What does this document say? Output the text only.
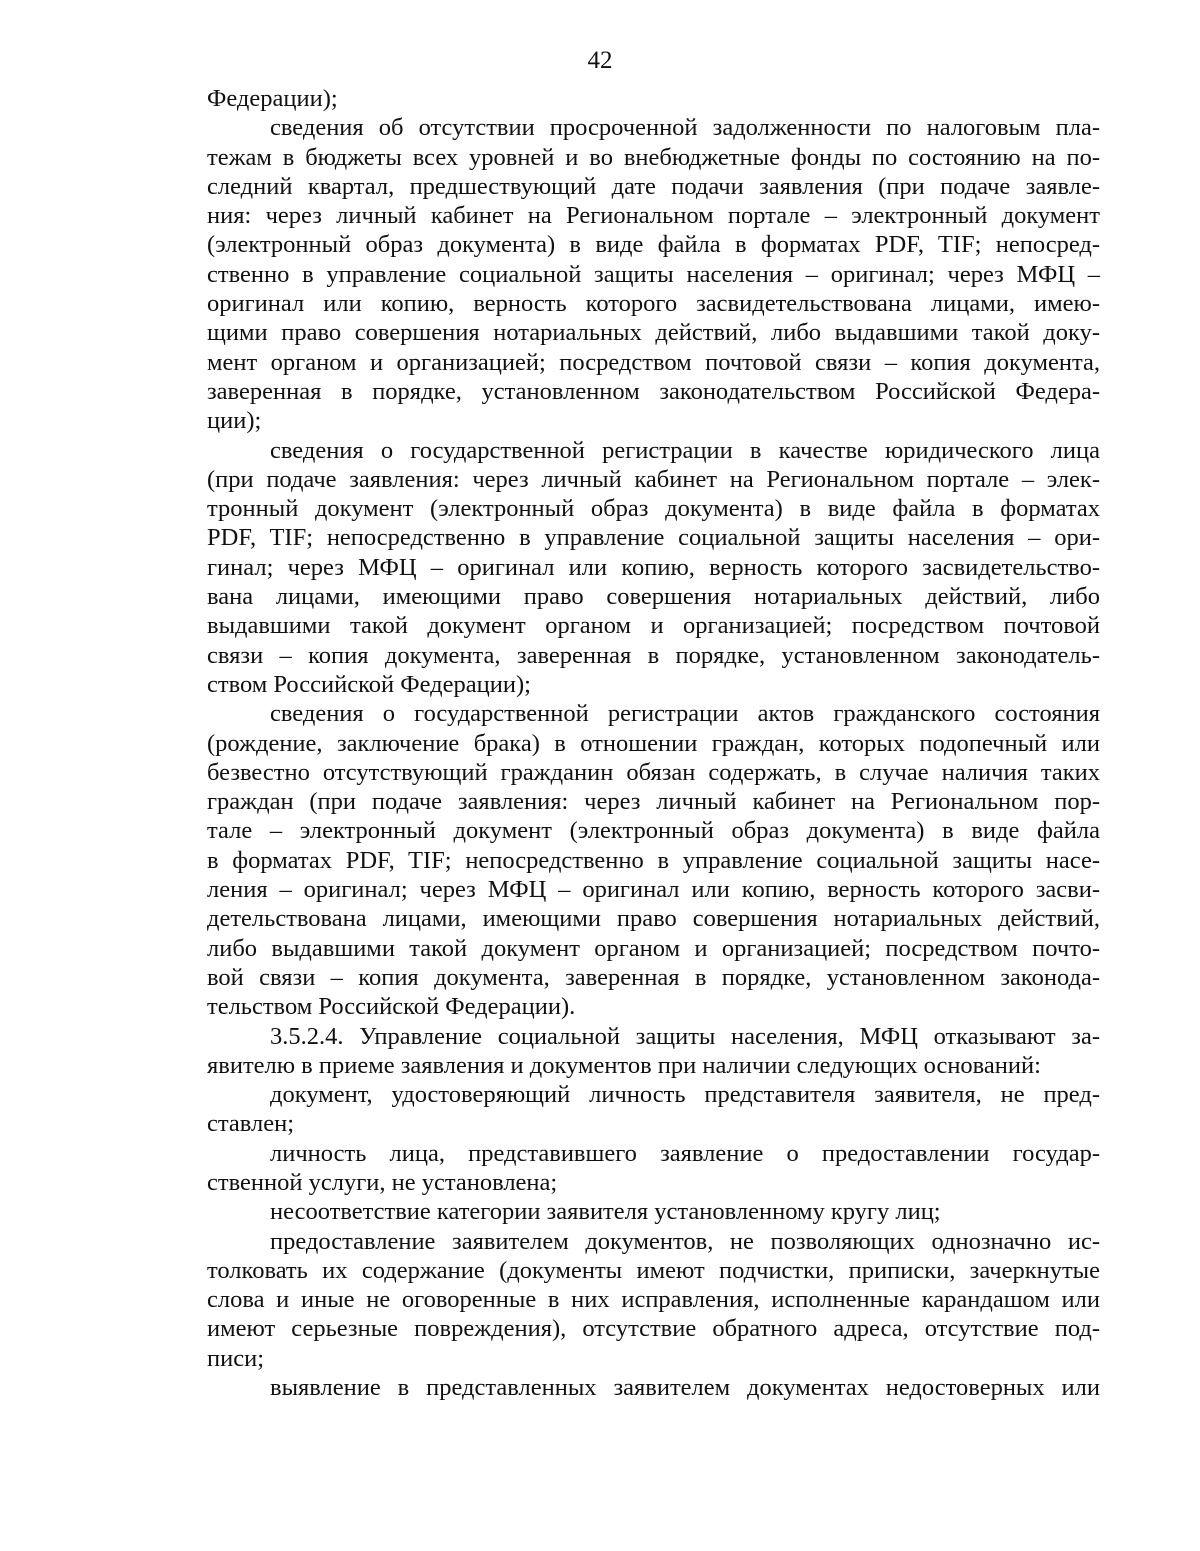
42
Федерации);
сведения об отсутствии просроченной задолженности по налоговым пла-
тежам в бюджеты всех уровней и во внебюджетные фонды по состоянию на по-
следний квартал, предшествующий дате подачи заявления (при подаче заявле-
ния: через личный кабинет на Региональном портале – электронный документ
(электронный образ документа) в виде файла в форматах PDF, TIF; непосред-
ственно в управление социальной защиты населения – оригинал; через МФЦ –
оригинал или копию, верность которого засвидетельствована лицами, имею-
щими право совершения нотариальных действий, либо выдавшими такой доку-
мент органом и организацией; посредством почтовой связи – копия документа,
заверенная в порядке, установленном законодательством Российской Федера-
ции);
сведения о государственной регистрации в качестве юридического лица
(при подаче заявления: через личный кабинет на Региональном портале – элек-
тронный документ (электронный образ документа) в виде файла в форматах
PDF, TIF; непосредственно в управление социальной защиты населения – ори-
гинал; через МФЦ – оригинал или копию, верность которого засвидетельство-
вана лицами, имеющими право совершения нотариальных действий, либо
выдавшими такой документ органом и организацией; посредством почтовой
связи – копия документа, заверенная в порядке, установленном законодатель-
ством Российской Федерации);
сведения о государственной регистрации актов гражданского состояния
(рождение, заключение брака) в отношении граждан, которых подопечный или
безвестно отсутствующий гражданин обязан содержать, в случае наличия таких
граждан (при подаче заявления: через личный кабинет на Региональном пор-
тале – электронный документ (электронный образ документа) в виде файла
в форматах PDF, TIF; непосредственно в управление социальной защиты насе-
ления – оригинал; через МФЦ – оригинал или копию, верность которого засви-
детельствована лицами, имеющими право совершения нотариальных действий,
либо выдавшими такой документ органом и организацией; посредством почто-
вой связи – копия документа, заверенная в порядке, установленном законода-
тельством Российской Федерации).
3.5.2.4. Управление социальной защиты населения, МФЦ отказывают за-
явителю в приеме заявления и документов при наличии следующих оснований:
документ, удостоверяющий личность представителя заявителя, не пред-
ставлен;
личность лица, представившего заявление о предоставлении государ-
ственной услуги, не установлена;
несоответствие категории заявителя установленному кругу лиц;
предоставление заявителем документов, не позволяющих однозначно ис-
толковать их содержание (документы имеют подчистки, приписки, зачеркнутые
слова и иные не оговоренные в них исправления, исполненные карандашом или
имеют серьезные повреждения), отсутствие обратного адреса, отсутствие под-
писи;
выявление в представленных заявителем документах недостоверных или
